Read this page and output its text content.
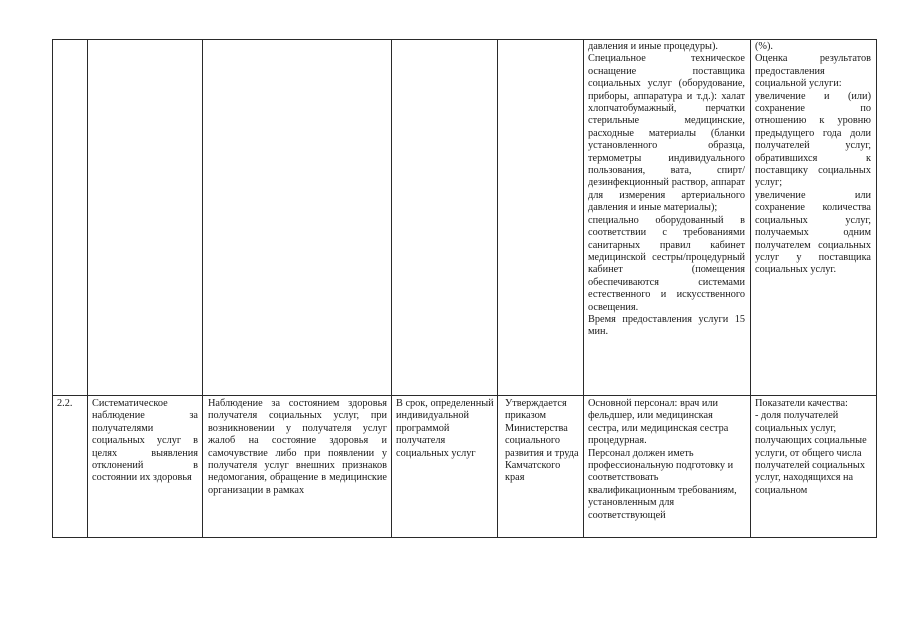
давления и иные процедуры).
Специальное техническое оснащение поставщика социальных услуг (оборудование, приборы, аппаратура и т.д.): халат хлопчатобумажный, перчатки стерильные медицинские, расходные материалы (бланки установленного образца, термометры индивидуального пользования, вата, спирт/ дезинфекционный раствор, аппарат для измерения артериального давления и иные материалы);
специально оборудованный в соответствии с требованиями санитарных правил кабинет медицинской сестры/процедурный кабинет (помещения обеспечиваются системами естественного и искусственного освещения.
Время предоставления услуги 15 мин.
(%).
Оценка результатов предоставления социальной услуги:
увеличение и (или) сохранение по отношению к уровню предыдущего года доли получателей услуг, обратившихся к поставщику социальных услуг;
увеличение или сохранение количества социальных услуг, получаемых одним получателем социальных услуг у поставщика социальных услуг.
2.2.	Систематическое наблюдение за получателями социальных услуг в целях выявления отклонений в состоянии их здоровья
Наблюдение за состоянием здоровья получателя социальных услуг, при возникновении у получателя услуг жалоб на состояние здоровья и самочувствие либо при появлении у получателя услуг внешних признаков недомогания, обращение в медицинские организации в рамках
В срок, определенный индивидуальной программой получателя социальных услуг
Утверждается приказом Министерства социального развития и труда Камчатского края
Основной персонал: врач или фельдшер, или медицинская сестра, или медицинская сестра процедурная.
Персонал должен иметь профессиональную подготовку и соответствовать квалификационным требованиям, установленным для соответствующей
Показатели качества:
- доля получателей социальных услуг, получающих социальные услуги, от общего числа получателей социальных услуг, находящихся на социальном
